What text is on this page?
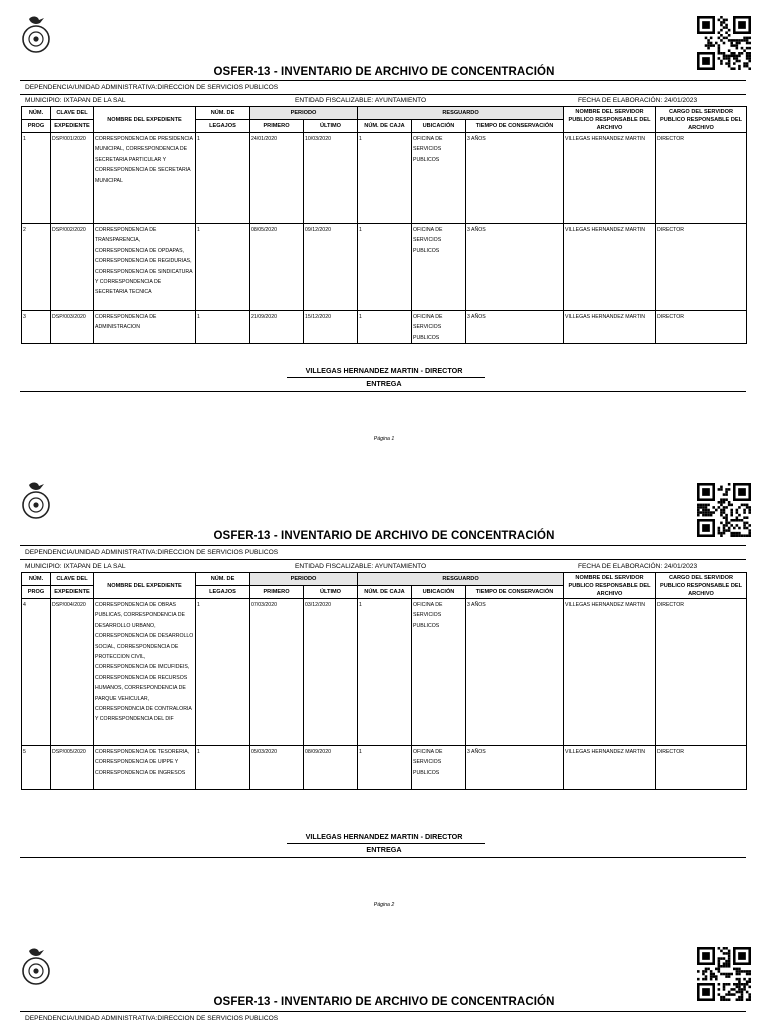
OSFER-13 - INVENTARIO DE ARCHIVO DE CONCENTRACIÓN
DEPENDENCIA/UNIDAD ADMINISTRATIVA:DIRECCION DE SERVICIOS PUBLICOS
MUNICIPIO: IXTAPAN DE LA SAL	ENTIDAD FISCALIZABLE: AYUNTAMIENTO	FECHA DE ELABORACIÓN: 24/01/2023
NÚM.	CLAVE DEL	NOMBRE DEL EXPEDIENTE	NÚM. DE	PERIODO		RESGUARDO			NOMBRE DEL SERVIDOR PUBLICO RESPONSABLE DEL ARCHIVO	CARGO DEL SERVIDOR PUBLICO RESPONSABLE DEL ARCHIVO
PROG	EXPEDIENTE		LEGAJOS	PRIMERO	ÚLTIMO	NÚM. DE CAJA	UBICACIÓN	TIEMPO DE CONSERVACIÓN		
1	DSP/001/2020	CORRESPONDENCIA DE PRESIDENCIA MUNICIPAL, CORRESPONDENCIA DE SECRETARIA PARTICULAR Y CORRESPONDENCIA DE SECRETARIA MUNICIPAL	1	24/01/2020	10/03/2020	1	OFICINA DE SERVICIOS PUBLICOS	3 AÑOS	VILLEGAS HERNANDEZ MARTIN	DIRECTOR
2	DSP/002/2020	CORRESPONDENCIA DE TRANSPARENCIA, CORRESPONDENCIA DE OPDAPAS, CORRESPONDENCIA DE REGIDURIAS, CORRESPONDENCIA DE SINDICATURA Y CORRESPONDENCIA DE SECRETARIA TECNICA	1	08/05/2020	09/12/2020	1	OFICINA DE SERVICIOS PUBLICOS	3 AÑOS	VILLEGAS HERNANDEZ MARTIN	DIRECTOR
3	DSP/003/2020	CORRESPONDENCIA DE ADMINISTRACION	1	21/09/2020	15/12/2020	1	OFICINA DE SERVICIOS PUBLICOS	3 AÑOS	VILLEGAS HERNANDEZ MARTIN	DIRECTOR
VILLEGAS HERNANDEZ MARTIN - DIRECTOR
ENTREGA
Página 1
OSFER-13 - INVENTARIO DE ARCHIVO DE CONCENTRACIÓN
DEPENDENCIA/UNIDAD ADMINISTRATIVA:DIRECCION DE SERVICIOS PUBLICOS
MUNICIPIO: IXTAPAN DE LA SAL	ENTIDAD FISCALIZABLE: AYUNTAMIENTO	FECHA DE ELABORACIÓN: 24/01/2023
NÚM.	CLAVE DEL	NOMBRE DEL EXPEDIENTE	NÚM. DE	PERIODO		RESGUARDO			NOMBRE DEL SERVIDOR PUBLICO RESPONSABLE DEL ARCHIVO	CARGO DEL SERVIDOR PUBLICO RESPONSABLE DEL ARCHIVO
PROG	EXPEDIENTE		LEGAJOS	PRIMERO	ÚLTIMO	NÚM. DE CAJA	UBICACIÓN	TIEMPO DE CONSERVACIÓN		
4	DSP/004/2020	CORRESPONDENCIA DE OBRAS PUBLICAS, CORRESPONDENCIA DE DESARROLLO URBANO, CORRESPONDENCIA DE DESARROLLO SOCIAL, CORRESPONDENCIA DE PROTECCION CIVIL, CORRESPONDENCIA DE IMCUFIDEIS, CORRESPONDENCIA DE RECURSOS HUMANOS, CORRESPONDENCIA DE PARQUE VEHICULAR, CORRESPONDNCIA DE CONTRALORIA Y CORRESPONDENCIA DEL DIF	1	07/03/2020	03/12/2020	1	OFICINA DE SERVICIOS PUBLICOS	3 AÑOS	VILLEGAS HERNANDEZ MARTIN	DIRECTOR
5	DSP/005/2020	CORRESPONDENCIA DE TESORERIA, CORRESPONDENCIA DE UIPPE Y CORRESPONDENCIA DE INGRESOS	1	05/03/2020	08/09/2020	1	OFICINA DE SERVICIOS PUBLICOS	3 AÑOS	VILLEGAS HERNANDEZ MARTIN	DIRECTOR
VILLEGAS HERNANDEZ MARTIN - DIRECTOR
ENTREGA
Página 2
OSFER-13 - INVENTARIO DE ARCHIVO DE CONCENTRACIÓN
DEPENDENCIA/UNIDAD ADMINISTRATIVA:DIRECCION DE SERVICIOS PUBLICOS
